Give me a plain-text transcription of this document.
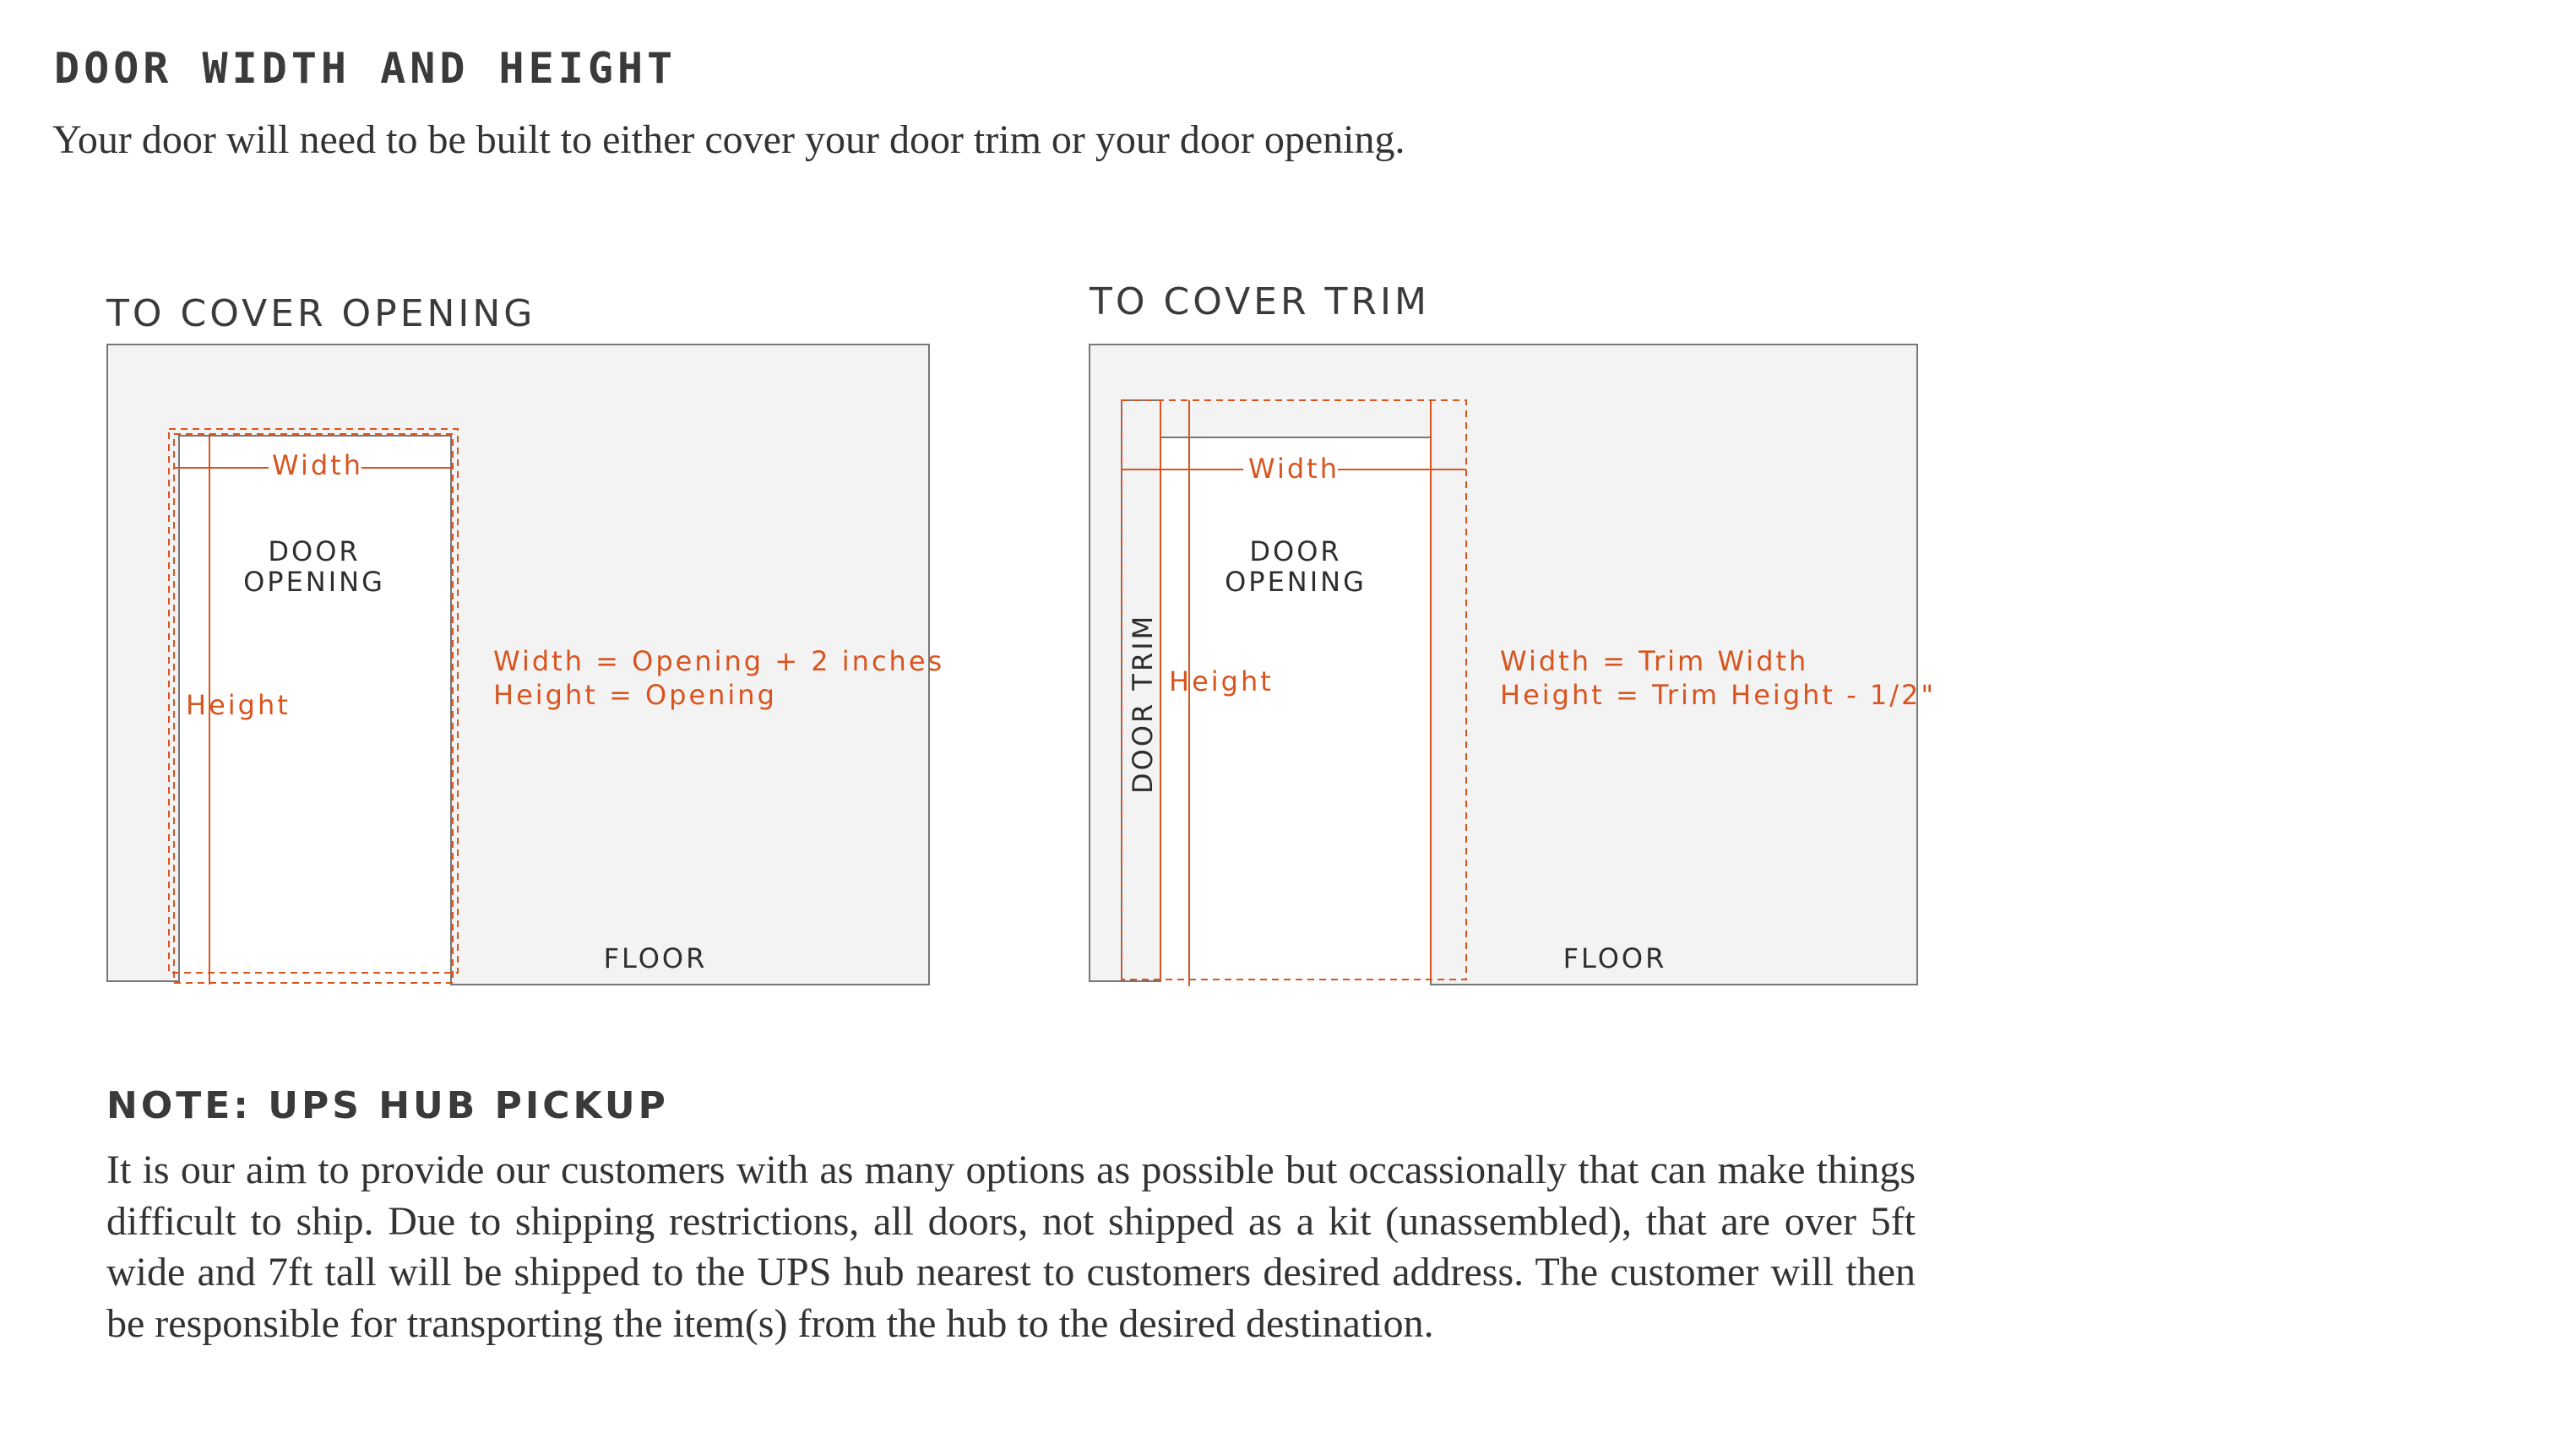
DOOR WIDTH AND HEIGHT

Your door will need to be built to either cover your door trim or your door opening.

TO COVER OPENING
Width
Height
DOOR
OPENING
Width = Opening + 2 inches
Height = Opening
FLOOR
TO COVER TRIM
Width
Height
DOOR TRIM
DOOR
OPENING
Width = Trim Width
Height = Trim Height - 1/2"
FLOOR
NOTE: UPS HUB PICKUP

It is our aim to provide our customers with as many options as possible but occassionally that can make things difficult to ship. Due to shipping restrictions, all doors, not shipped as a kit (unassembled), that are over 5ft wide and 7ft tall will be shipped to the UPS hub nearest to customers desired address. The customer will then be responsible for transporting the item(s) from the hub to the desired destination.
